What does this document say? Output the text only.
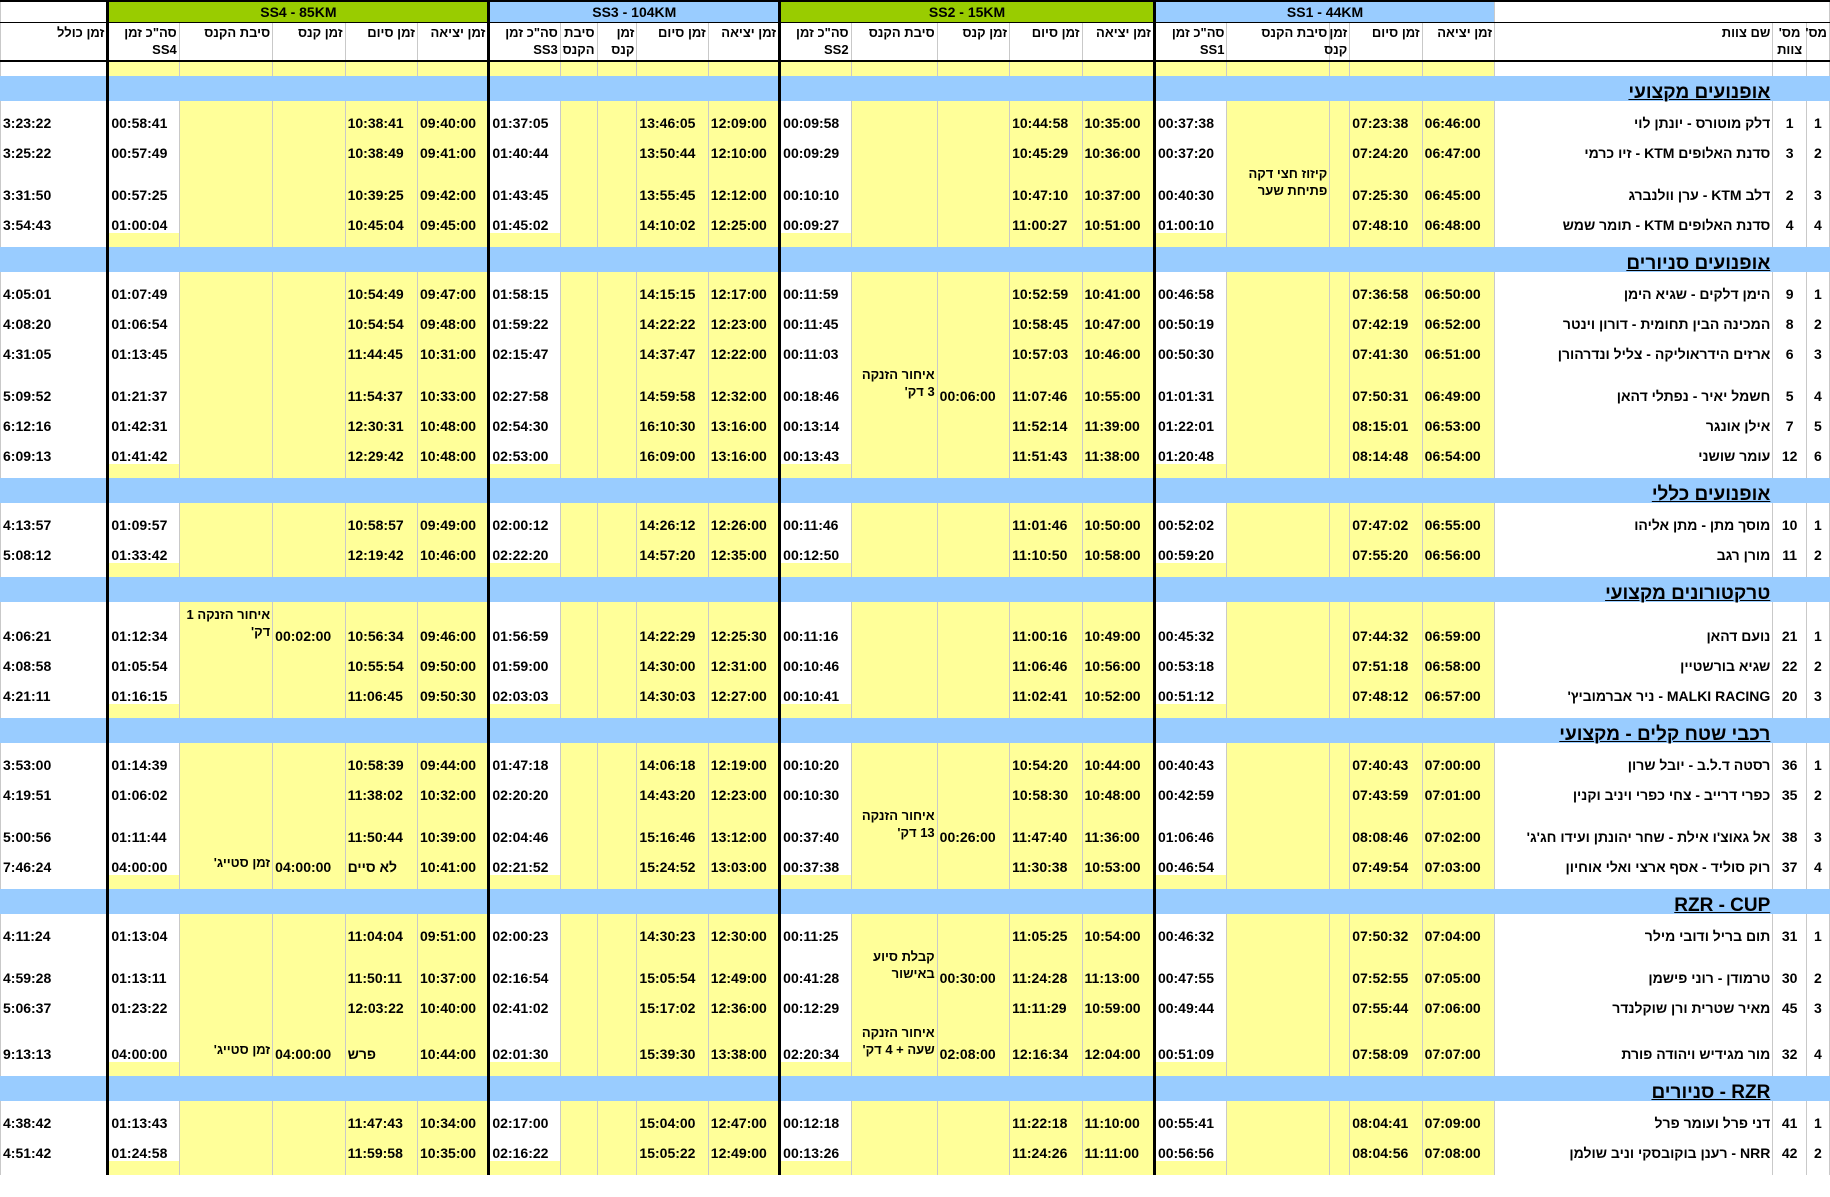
			SS1 - 44KM					SS2 - 15KM					SS3 - 104KM					SS4 - 85KM					
מס'	מס' צוות	שם צוות	זמן יציאה	זמן סיום	זמן קנס	סיבת הקנס	סה"כ זמן SS1	זמן יציאה	זמן סיום	זמן קנס	סיבת הקנס	סה"כ זמן SS2	זמן יציאה	זמן סיום	זמן קנס	סיבת הקנס	סה"כ זמן SS3	זמן יציאה	זמן סיום	זמן קנס	סיבת הקנס	סה"כ זמן SS4	זמן כולל

		אופנועים מקצועי																					
1	1	דלק מוטורס - יונתן לוי	06:46:00	07:23:38			00:37:38	10:35:00	10:44:58			00:09:58	12:09:00	13:46:05			01:37:05	09:40:00	10:38:41			00:58:41	3:23:22
2	3	סדנת האלופים KTM - זיו כרמי	06:47:00	07:24:20			00:37:20	10:36:00	10:45:29			00:09:29	12:10:00	13:50:44			01:40:44	09:41:00	10:38:49			00:57:49	3:25:22
3	2	דלב KTM - ערן וולנברג	06:45:00	07:25:30		קיזוז חצי דקה פתיחת שער	00:40:30	10:37:00	10:47:10			00:10:10	12:12:00	13:55:45			01:43:45	09:42:00	10:39:25			00:57:25	3:31:50
4	4	סדנת האלופים KTM - תומר שמש	06:48:00	07:48:10			01:00:10	10:51:00	11:00:27			00:09:27	12:25:00	14:10:02			01:45:02	09:45:00	10:45:04			01:00:04	3:54:43

		אופנועים סניורים																					
1	9	הימן דלקים - שגיא הימן	06:50:00	07:36:58			00:46:58	10:41:00	10:52:59			00:11:59	12:17:00	14:15:15			01:58:15	09:47:00	10:54:49			01:07:49	4:05:01
2	8	המכינה הבין תחומית - דורון וינטר	06:52:00	07:42:19			00:50:19	10:47:00	10:58:45			00:11:45	12:23:00	14:22:22			01:59:22	09:48:00	10:54:54			01:06:54	4:08:20
3	6	ארזים הידראוליקה - צליל ונדרהורן	06:51:00	07:41:30			00:50:30	10:46:00	10:57:03			00:11:03	12:22:00	14:37:47			02:15:47	10:31:00	11:44:45			01:13:45	4:31:05
4	5	חשמל יאיר - נפתלי דהאן	06:49:00	07:50:31			01:01:31	10:55:00	11:07:46	00:06:00	איחור הזנקה 3 דק'	00:18:46	12:32:00	14:59:58			02:27:58	10:33:00	11:54:37			01:21:37	5:09:52
5	7	אילן אונגר	06:53:00	08:15:01			01:22:01	11:39:00	11:52:14			00:13:14	13:16:00	16:10:30			02:54:30	10:48:00	12:30:31			01:42:31	6:12:16
6	12	עומר שושני	06:54:00	08:14:48			01:20:48	11:38:00	11:51:43			00:13:43	13:16:00	16:09:00			02:53:00	10:48:00	12:29:42			01:41:42	6:09:13

		אופנועים כללי																					
1	10	מוסך מתן - מתן אליהו	06:55:00	07:47:02			00:52:02	10:50:00	11:01:46			00:11:46	12:26:00	14:26:12			02:00:12	09:49:00	10:58:57			01:09:57	4:13:57
2	11	מורן רגב	06:56:00	07:55:20			00:59:20	10:58:00	11:10:50			00:12:50	12:35:00	14:57:20			02:22:20	10:46:00	12:19:42			01:33:42	5:08:12

		טרקטורונים מקצועי																					
1	21	נועם דהאן	06:59:00	07:44:32			00:45:32	10:49:00	11:00:16			00:11:16	12:25:30	14:22:29			01:56:59	09:46:00	10:56:34	00:02:00	איחור הזנקה 1 דק'	01:12:34	4:06:21
2	22	שגיא בורשטיין	06:58:00	07:51:18			00:53:18	10:56:00	11:06:46			00:10:46	12:31:00	14:30:00			01:59:00	09:50:00	10:55:54			01:05:54	4:08:58
3	20	MALKI RACING - ניר אברמוביץ'	06:57:00	07:48:12			00:51:12	10:52:00	11:02:41			00:10:41	12:27:00	14:30:03			02:03:03	09:50:30	11:06:45			01:16:15	4:21:11

		רכבי שטח קלים - מקצועי																					
1	36	רסטה ד.ל.ב - יובל שרון	07:00:00	07:40:43			00:40:43	10:44:00	10:54:20			00:10:20	12:19:00	14:06:18			01:47:18	09:44:00	10:58:39			01:14:39	3:53:00
2	35	כפרי דרייב - צחי כפרי ויניב וקנין	07:01:00	07:43:59			00:42:59	10:48:00	10:58:30			00:10:30	12:23:00	14:43:20			02:20:20	10:32:00	11:38:02			01:06:02	4:19:51
3	38	אל גאוצ'ו אילת - שחר יהונתן ועידו חג'ג'	07:02:00	08:08:46			01:06:46	11:36:00	11:47:40	00:26:00	איחור הזנקה 13 דק'	00:37:40	13:12:00	15:16:46			02:04:46	10:39:00	11:50:44			01:11:44	5:00:56
4	37	רוק סוליד - אסף ארצי ואלי אוחיון	07:03:00	07:49:54			00:46:54	10:53:00	11:30:38			00:37:38	13:03:00	15:24:52			02:21:52	10:41:00	לא סיים	04:00:00	זמן סטייג'	04:00:00	7:46:24

		RZR - CUP																					
1	31	תום בריל ודובי מילר	07:04:00	07:50:32			00:46:32	10:54:00	11:05:25			00:11:25	12:30:00	14:30:23			02:00:23	09:51:00	11:04:04			01:13:04	4:11:24
2	30	טרמודן - רוני פישמן	07:05:00	07:52:55			00:47:55	11:13:00	11:24:28	00:30:00	קבלת סיוע באישור	00:41:28	12:49:00	15:05:54			02:16:54	10:37:00	11:50:11			01:13:11	4:59:28
3	45	מאיר שטרית ורן שוקלנדר	07:06:00	07:55:44			00:49:44	10:59:00	11:11:29			00:12:29	12:36:00	15:17:02			02:41:02	10:40:00	12:03:22			01:23:22	5:06:37
4	32	מור מגידיש ויהודה פורת	07:07:00	07:58:09			00:51:09	12:04:00	12:16:34	02:08:00	איחור הזנקה שעה + 4 דק'	02:20:34	13:38:00	15:39:30			02:01:30	10:44:00	פרש	04:00:00	זמן סטייג'	04:00:00	9:13:13

		RZR - סניורים																					
1	41	דני פרל ועומר פרל	07:09:00	08:04:41			00:55:41	11:10:00	11:22:18			00:12:18	12:47:00	15:04:00			02:17:00	10:34:00	11:47:43			01:13:43	4:38:42
2	42	NRR - רענן בוקובסקי וניב שולמן	07:08:00	08:04:56			00:56:56	11:11:00	11:24:26			00:13:26	12:49:00	15:05:22			02:16:22	10:35:00	11:59:58			01:24:58	4:51:42
